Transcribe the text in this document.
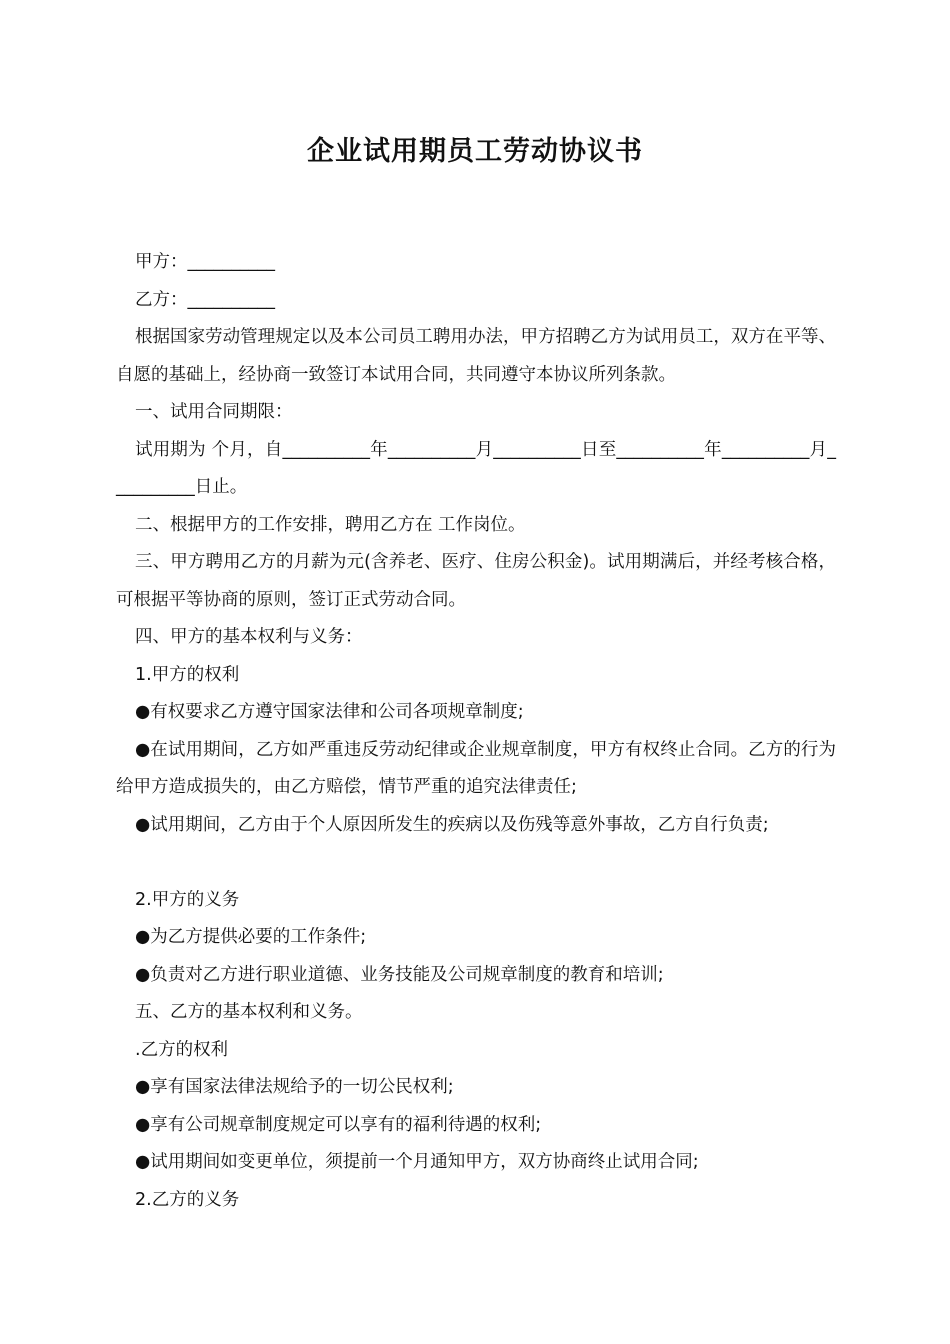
企业试用期员工劳动协议书

甲方：__________

乙方：__________

根据国家劳动管理规定以及本公司员工聘用办法，甲方招聘乙方为试用员工，双方在平等、自愿的基础上，经协商一致签订本试用合同，共同遵守本协议所列条款。

一、试用合同期限：

试用期为 个月，自__________年__________月__________日至__________年__________月__________日止。

二、根据甲方的工作安排，聘用乙方在 工作岗位。

三、甲方聘用乙方的月薪为元(含养老、医疗、住房公积金)。试用期满后，并经考核合格，可根据平等协商的原则，签订正式劳动合同。

四、甲方的基本权利与义务：

1.甲方的权利

●有权要求乙方遵守国家法律和公司各项规章制度;

●在试用期间，乙方如严重违反劳动纪律或企业规章制度，甲方有权终止合同。乙方的行为给甲方造成损失的，由乙方赔偿，情节严重的追究法律责任;

●试用期间，乙方由于个人原因所发生的疾病以及伤残等意外事故，乙方自行负责;

2.甲方的义务

●为乙方提供必要的工作条件;

●负责对乙方进行职业道德、业务技能及公司规章制度的教育和培训;

五、乙方的基本权利和义务。

.乙方的权利

●享有国家法律法规给予的一切公民权利;

●享有公司规章制度规定可以享有的福利待遇的权利;

●试用期间如变更单位，须提前一个月通知甲方，双方协商终止试用合同;

2.乙方的义务
